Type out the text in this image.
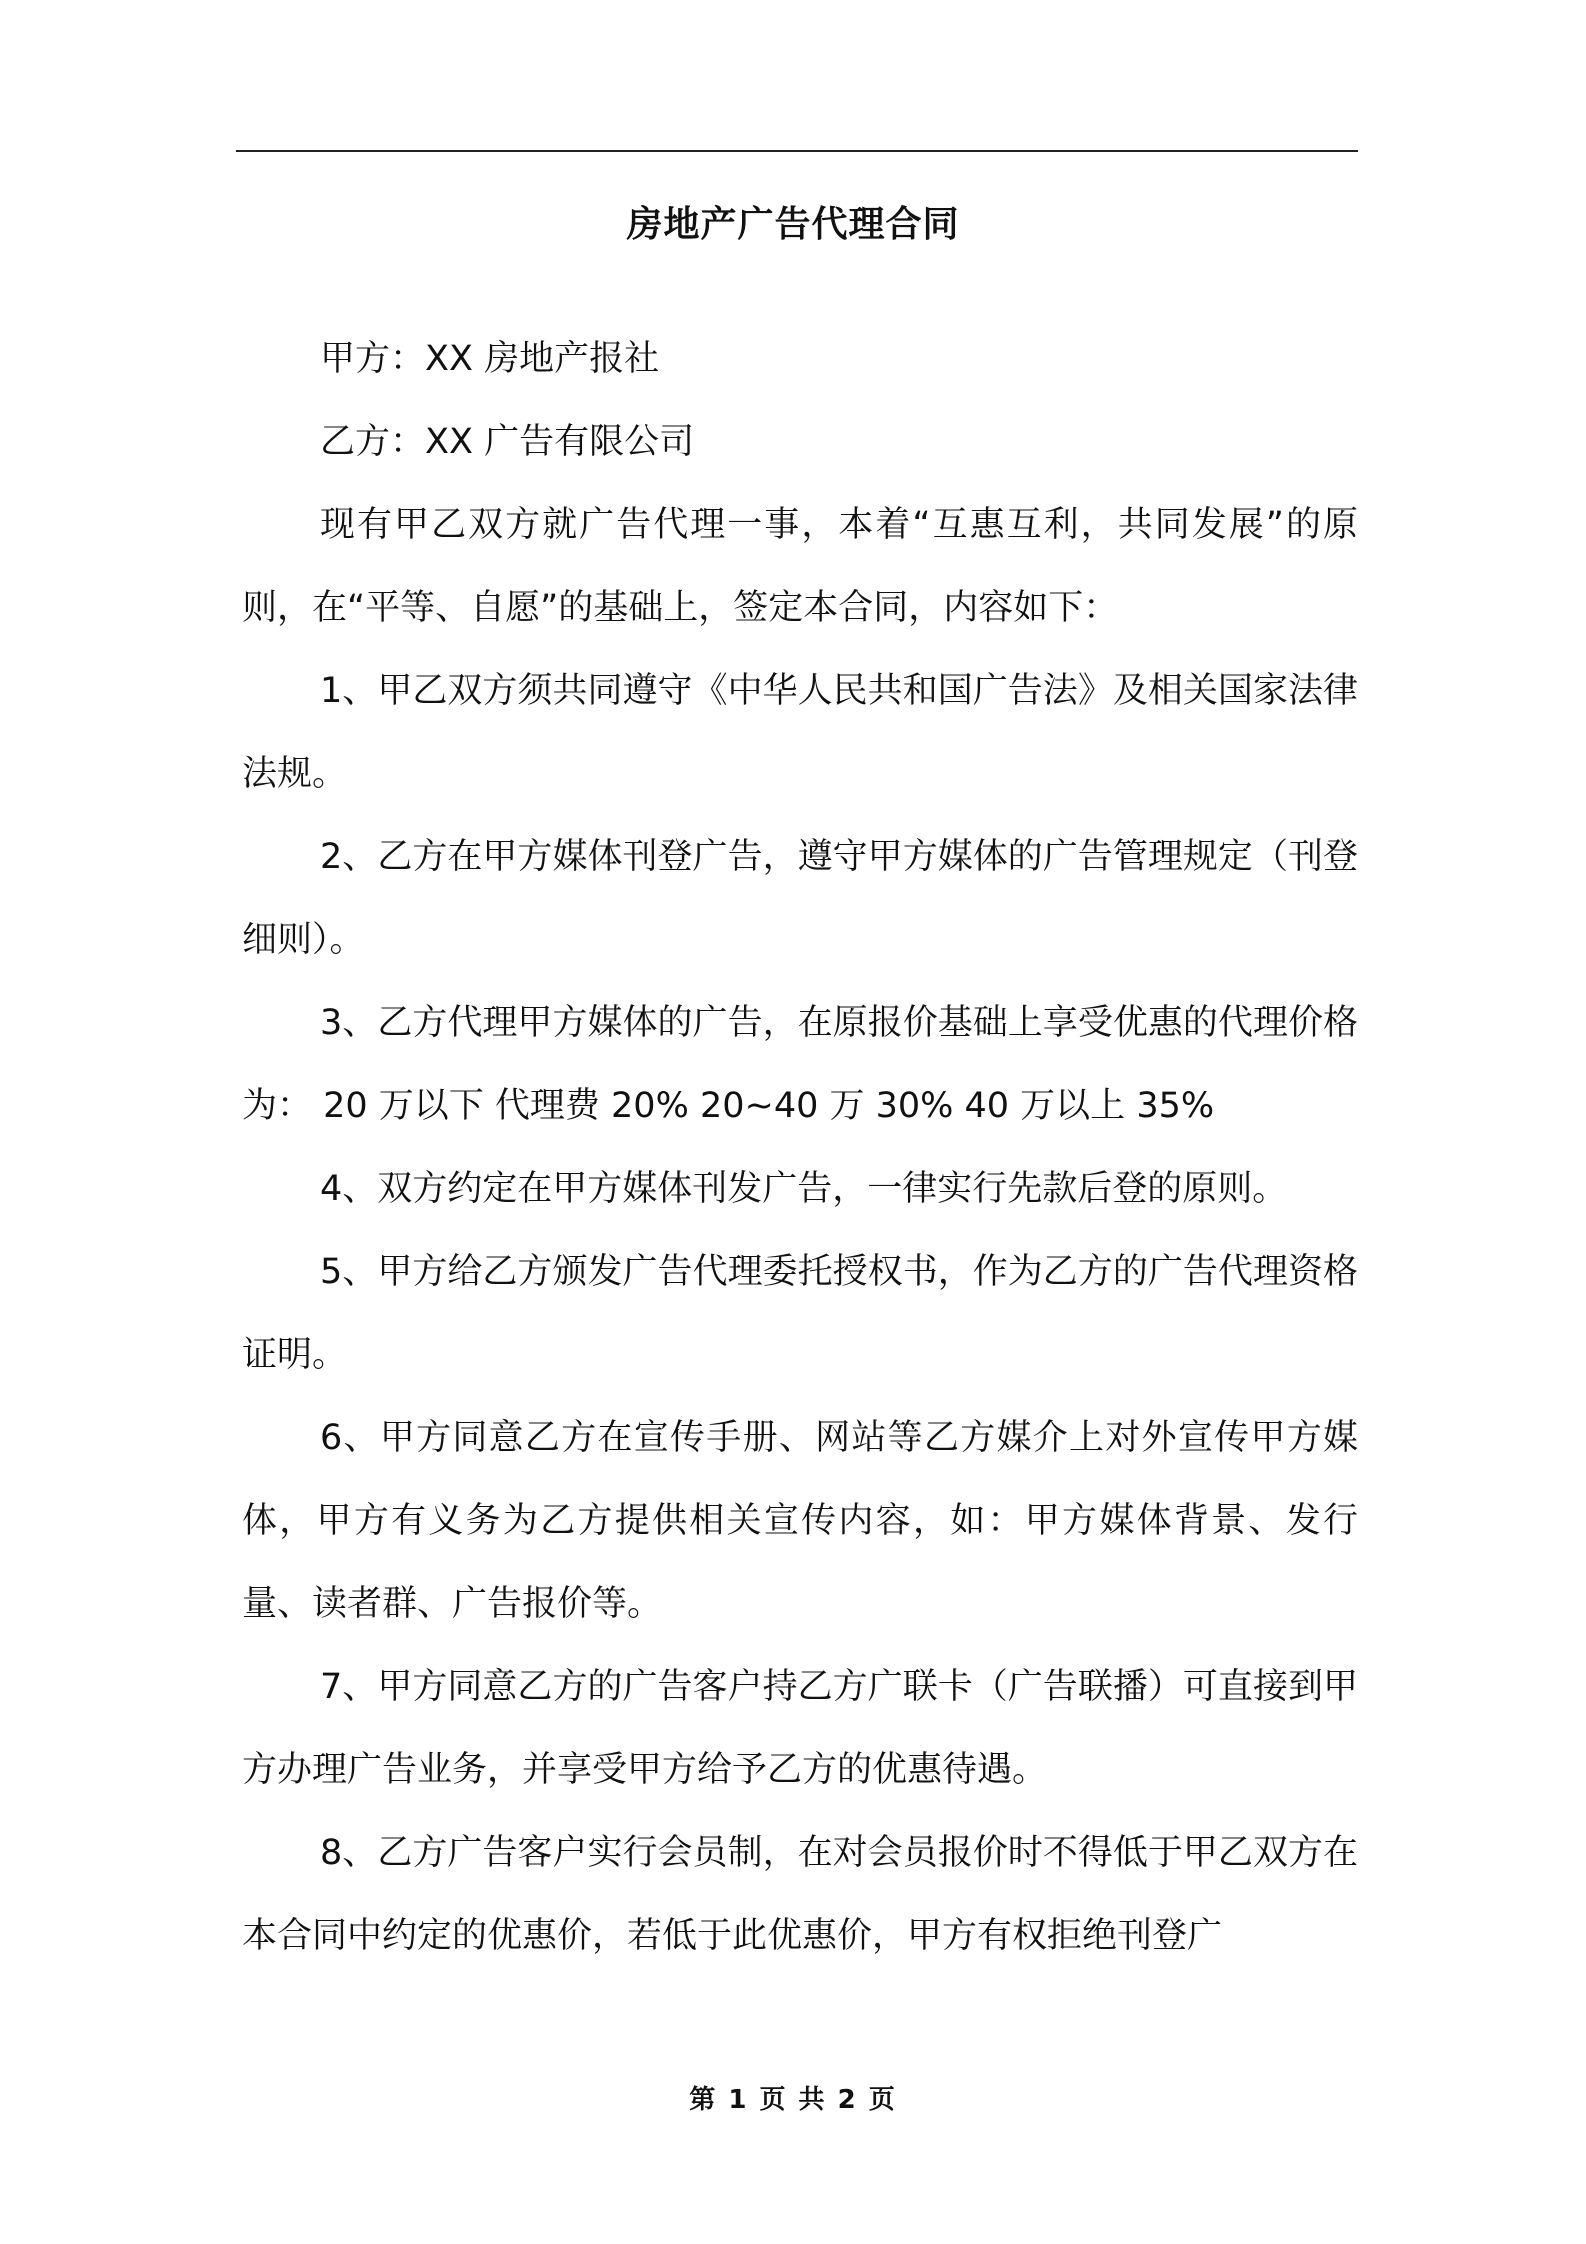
房地产广告代理合同

甲方：XX 房地产报社

乙方：XX 广告有限公司

现有甲乙双方就广告代理一事，本着“互惠互利，共同发展”的原则，在“平等、自愿”的基础上，签定本合同，内容如下：

1、甲乙双方须共同遵守《中华人民共和国广告法》及相关国家法律法规。

2、乙方在甲方媒体刊登广告，遵守甲方媒体的广告管理规定（刊登细则）。

3、乙方代理甲方媒体的广告，在原报价基础上享受优惠的代理价格为： 20 万以下 代理费 20% 20~40 万 30% 40 万以上 35%

4、双方约定在甲方媒体刊发广告，一律实行先款后登的原则。

5、甲方给乙方颁发广告代理委托授权书，作为乙方的广告代理资格证明。

6、甲方同意乙方在宣传手册、网站等乙方媒介上对外宣传甲方媒体，甲方有义务为乙方提供相关宣传内容，如：甲方媒体背景、发行量、读者群、广告报价等。

7、甲方同意乙方的广告客户持乙方广联卡（广告联播）可直接到甲方办理广告业务，并享受甲方给予乙方的优惠待遇。

8、乙方广告客户实行会员制，在对会员报价时不得低于甲乙双方在本合同中约定的优惠价，若低于此优惠价，甲方有权拒绝刊登广

第 1 页 共 2 页
